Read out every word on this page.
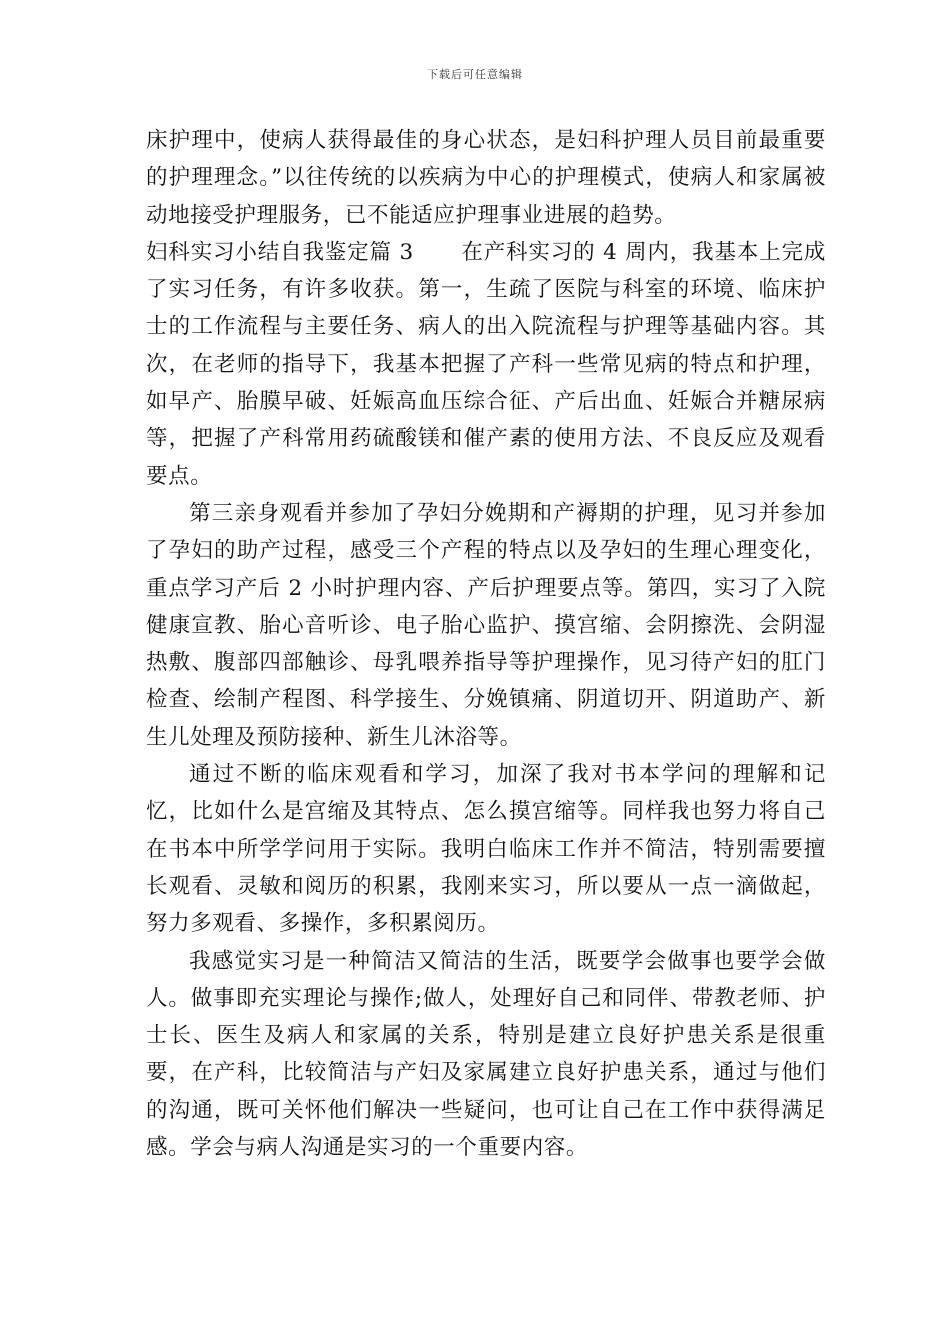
下载后可任意编辑

床护理中，使病人获得最佳的身心状态，是妇科护理人员目前最重要的护理理念。”以往传统的以疾病为中心的护理模式，使病人和家属被动地接受护理服务，已不能适应护理事业进展的趋势。

妇科实习小结自我鉴定篇 3 在产科实习的 4 周内，我基本上完成了实习任务，有许多收获。第一，生疏了医院与科室的环境、临床护士的工作流程与主要任务、病人的出入院流程与护理等基础内容。其次，在老师的指导下，我基本把握了产科一些常见病的特点和护理，如早产、胎膜早破、妊娠高血压综合征、产后出血、妊娠合并糖尿病等，把握了产科常用药硫酸镁和催产素的使用方法、不良反应及观看要点。

第三亲身观看并参加了孕妇分娩期和产褥期的护理，见习并参加了孕妇的助产过程，感受三个产程的特点以及孕妇的生理心理变化，重点学习产后 2 小时护理内容、产后护理要点等。第四，实习了入院健康宣教、胎心音听诊、电子胎心监护、摸宫缩、会阴擦洗、会阴湿热敷、腹部四部触诊、母乳喂养指导等护理操作，见习待产妇的肛门检查、绘制产程图、科学接生、分娩镇痛、阴道切开、阴道助产、新生儿处理及预防接种、新生儿沐浴等。

通过不断的临床观看和学习，加深了我对书本学问的理解和记忆，比如什么是宫缩及其特点、怎么摸宫缩等。同样我也努力将自己在书本中所学学问用于实际。我明白临床工作并不简洁，特别需要擅长观看、灵敏和阅历的积累，我刚来实习，所以要从一点一滴做起，努力多观看、多操作，多积累阅历。

我感觉实习是一种简洁又简洁的生活，既要学会做事也要学会做人。做事即充实理论与操作;做人，处理好自己和同伴、带教老师、护士长、医生及病人和家属的关系，特别是建立良好护患关系是很重要，在产科，比较简洁与产妇及家属建立良好护患关系，通过与他们的沟通，既可关怀他们解决一些疑问，也可让自己在工作中获得满足感。学会与病人沟通是实习的一个重要内容。
